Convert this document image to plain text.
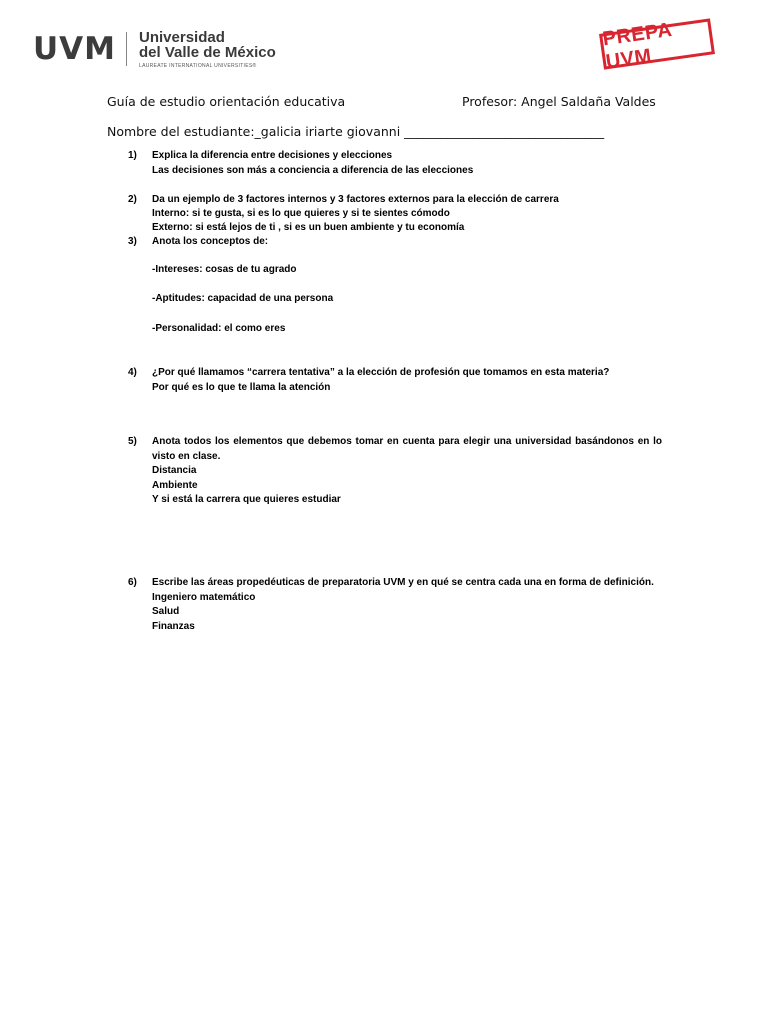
UVM Universidad
del Valle de México
LAUREATE INTERNATIONAL UNIVERSITIES®
PREPA UVM
Guía de estudio orientación educativa	Profesor: Angel Saldaña Valdes
Nombre del estudiante:_galicia iriarte giovanni ________________________________
1)	Explica la diferencia entre decisiones y elecciones
Las decisiones son más a conciencia a diferencia de las elecciones
2)	Da un ejemplo de 3 factores internos y 3 factores externos para la elección de carrera
Interno: si te gusta, si es lo que quieres y si te sientes cómodo
Externo: si está lejos de ti , si es un buen ambiente y tu economía
3)	Anota los conceptos de:
-Intereses: cosas de tu agrado
-Aptitudes: capacidad de una persona
-Personalidad: el como eres
4)	¿Por qué llamamos “carrera tentativa” a la elección de profesión que tomamos en esta materia?
Por qué es lo que te llama la atención
5)	Anota todos los elementos que debemos tomar en cuenta para elegir una universidad basándonos en lo visto en clase.
Distancia
Ambiente
Y si está la carrera que quieres estudiar
6)	Escribe las áreas propedéuticas de preparatoria UVM y en qué se centra cada una en forma de definición.
Ingeniero matemático
Salud
Finanzas
